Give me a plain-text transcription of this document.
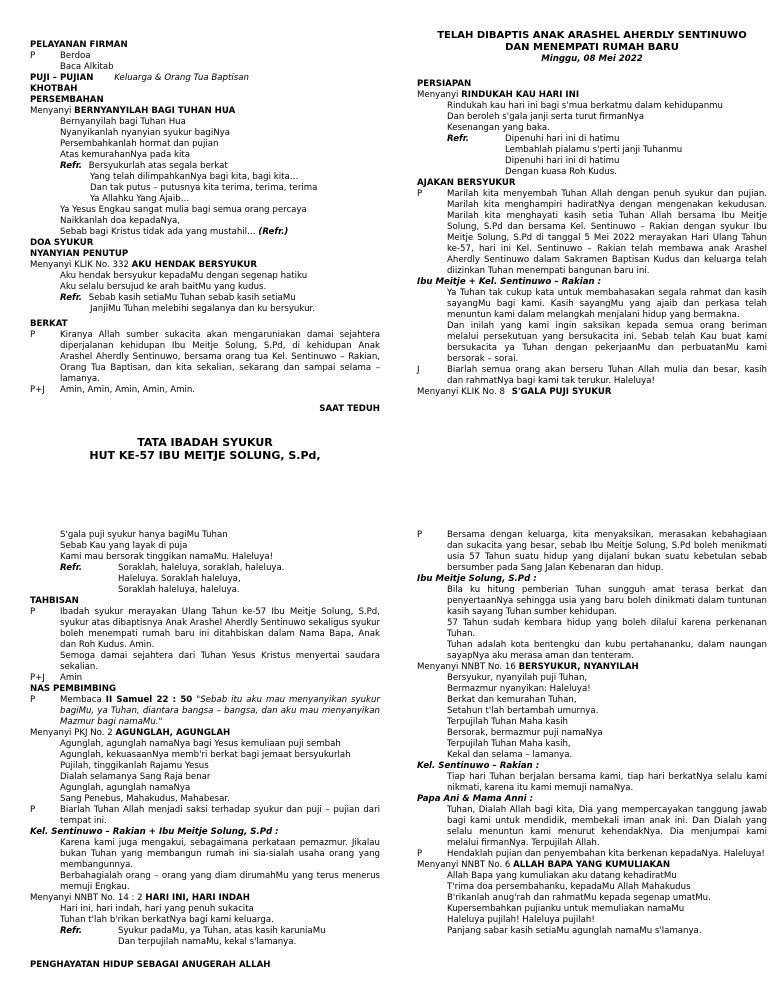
PELAYANAN FIRMAN
P	Berdoa
Baca Alkitab
PUJI – PUJIAN Keluarga & Orang Tua Baptisan
KHOTBAH
PERSEMBAHAN
Menyanyi BERNYANYILAH BAGI TUHAN HUA
Bernyanyilah bagi Tuhan Hua
Nyanyikanlah nyanyian syukur bagiNya
Persembahkanlah hormat dan pujian
Atas kemurahanNya pada kita
Refr. Bersyukurlah atas segala berkat
Yang telah dilimpahkanNya bagi kita, bagi kita…
Dan tak putus – putusnya kita terima, terima, terima
Ya Allahku Yang Ajaib…
Ya Yesus Engkau sangat mulia bagi semua orang percaya
Naikkanlah doa kepadaNya,
Sebab bagi Kristus tidak ada yang mustahil… (Refr.)
DOA SYUKUR
NYANYIAN PENUTUP
Menyanyi KLIK No. 332 AKU HENDAK BERSYUKUR
Aku hendak bersyukur kepadaMu dengan segenap hatiku
Aku selalu bersujud ke arah baitMu yang kudus.
Refr. Sebab kasih setiaMu Tuhan sebab kasih setiaMu
JanjiMu Tuhan melebihi segalanya dan ku bersyukur.
BERKAT
P	Kiranya Allah sumber sukacita akan mengaruniakan damai sejahtera diperjalanan kehidupan Ibu Meitje Solung, S.Pd, di kehidupan Anak Arashel Aherdly Sentinuwo, bersama orang tua Kel. Sentinuwo – Rakian, Orang Tua Baptisan, dan kita sekalian, sekarang dan sampai selama – lamanya.
P+J	Amin, Amin, Amin, Amin, Amin.
SAAT TEDUH
TATA IBADAH SYUKUR
HUT KE-57 IBU MEITJE SOLUNG, S.Pd,
TELAH DIBAPTIS ANAK ARASHEL AHERDLY SENTINUWO
DAN MENEMPATI RUMAH BARU
Minggu, 08 Mei 2022
PERSIAPAN
Menyanyi RINDUKAH KAU HARI INI
Rindukah kau hari ini bagi s'mua berkatmu dalam kehidupanmu
Dan beroleh s'gala janji serta turut firmanNya
Kesenangan yang baka.
Refr.	Dipenuhi hari ini di hatimu
Lembahlah pialamu s'perti janji Tuhanmu
Dipenuhi hari ini di hatimu
Dengan kuasa Roh Kudus.
AJAKAN BERSYUKUR
P	Marilah kita menyembah Tuhan Allah dengan penuh syukur dan pujian. Marilah kita menghampiri hadiratNya dengan mengenakan kekudusan. Marilah kita menghayati kasih setia Tuhan Allah bersama Ibu Meitje Solung, S.Pd dan bersama Kel. Sentinuwo – Rakian dengan syukur Ibu Meitje Solung, S.Pd di tanggal 5 Mei 2022 merayakan Hari Ulang Tahun ke-57, hari ini Kel. Sentinuwo – Rakian telah membawa anak Arashel Aherdly Sentinuwo dalam Sakramen Baptisan Kudus dan keluarga telah diizinkan Tuhan menempati bangunan baru ini.
Ibu Meitje + Kel. Sentinuwo – Rakian :
Ya Tuhan tak cukup kata untuk membahasakan segala rahmat dan kasih sayangMu bagi kami. Kasih sayangMu yang ajaib dan perkasa telah menuntun kami dalam melangkah menjalani hidup yang bermakna.
Dan inilah yang kami ingin saksikan kepada semua orang beriman melalui persekutuan yang bersukacita ini. Sebab telah Kau buat kami bersukacita ya Tuhan dengan pekerjaanMu dan perbuatanMu kami bersorak – sorai.
J	Biarlah semua orang akan berseru Tuhan Allah mulia dan besar, kasih dan rahmatNya bagi kami tak terukur. Haleluya!
Menyanyi KLIK No. 8 S'GALA PUJI SYUKUR
S'gala puji syukur hanya bagiMu Tuhan
Sebab Kau yang layak di puja
Kami mau bersorak tinggikan namaMu. Haleluya!
Refr.	Soraklah, haleluya, soraklah, haleluya.
Haleluya. Soraklah haleluya,
Soraklah haleluya, haleluya.
TAHBISAN
P	Ibadah syukur merayakan Ulang Tahun ke-57 Ibu Meitje Solung, S.Pd, syukur atas dibaptisnya Anak Arashel Aherdly Sentinuwo sekaligus syukur boleh menempati rumah baru ini ditahbiskan dalam Nama Bapa, Anak dan Roh Kudus. Amin.
Semoga damai sejahtera dari Tuhan Yesus Kristus menyertai saudara sekalian.
P+J	Amin
NAS PEMBIMBING
P	Membaca II Samuel 22 : 50 "Sebab itu aku mau menyanyikan syukur bagiMu, ya Tuhan, diantara bangsa – bangsa, dan aku mau menyanyikan Mazmur bagi namaMu."
Menyanyi PKJ No. 2 AGUNGLAH, AGUNGLAH
Agunglah, agunglah namaNya bagi Yesus kemuliaan puji sembah
Agunglah, kekuasaanNya memb'ri berkat bagi jemaat bersyukurlah
Pujilah, tinggikanlah Rajamu Yesus
Dialah selamanya Sang Raja benar
Agunglah, agunglah namaNya
Sang Penebus, Mahakudus, Mahabesar.
P	Biarlah Tuhan Allah menjadi saksi terhadap syukur dan puji – pujian dari tempat ini.
Kel. Sentinuwo – Rakian + Ibu Meitje Solung, S.Pd :
Karena kami juga mengakui, sebagaimana perkataan pemazmur. Jikalau bukan Tuhan yang membangun rumah ini sia-sialah usaha orang yang membangunnya.
Berbahagialah orang – orang yang diam dirumahMu yang terus menerus memuji Engkau.
Menyanyi NNBT No. 14 : 2 HARI INI, HARI INDAH
Hari ini, hari indah, hari yang penuh sukacita
Tuhan t'lah b'rikan berkatNya bagi kami keluarga.
Refr.	Syukur padaMu, ya Tuhan, atas kasih karuniaMu
Dan terpujilah namaMu, kekal s'lamanya.
PENGHAYATAN HIDUP SEBAGAI ANUGERAH ALLAH
P	Bersama dengan keluarga, kita menyaksikan, merasakan kebahagiaan dan sukacita yang besar, sebab Ibu Meitje Solung, S.Pd boleh menikmati usia 57 Tahun suatu hidup yang dijalani bukan suatu kebetulan sebab bersumber pada Sang Jalan Kebenaran dan hidup.
Ibu Meitje Solung, S.Pd :
Bila ku hitung pemberian Tuhan sungguh amat terasa berkat dan penyertaanNya sehingga usia yang baru boleh dinikmati dalam tuntunan kasih sayang Tuhan sumber kehidupan.
57 Tahun sudah kembara hidup yang boleh dilalui karena perkenanan Tuhan.
Tuhan adalah kota bentengku dan kubu pertahananku, dalam naungan sayapNya aku merasa aman dan tenteram.
Menyanyi NNBT No. 16 BERSYUKUR, NYANYILAH
Bersyukur, nyanyilah puji Tuhan,
Bermazmur nyanyikan: Haleluya!
Berkat dan kemurahan Tuhan,
Setahun t'lah bertambah umurnya.
Terpujilah Tuhan Maha kasih
Bersorak, bermazmur puji namaNya
Terpujilah Tuhan Maha kasih,
Kekal dan selama – lamanya.
Kel. Sentinuwo – Rakian :
Tiap hari Tuhan berjalan bersama kami, tiap hari berkatNya selalu kami nikmati, karena itu kami memuji namaNya.
Papa Ani & Mama Anni :
Tuhan, Dialah Allah bagi kita, Dia yang mempercayakan tanggung jawab bagi kami untuk mendidik, membekali iman anak ini. Dan Dialah yang selalu menuntun kami menurut kehendakNya. Dia menjumpai kami melalui firmanNya. Terpujilah Allah.
P	Hendaklah pujian dan penyembahan kita berkenan kepadaNya. Haleluya!
Menyanyi NNBT No. 6 ALLAH BAPA YANG KUMULIAKAN
Allah Bapa yang kumuliakan aku datang kehadiratMu
T'rima doa persembahanku, kepadaMu Allah Mahakudus
B'rikanlah anug'rah dan rahmatMu kepada segenap umatMu.
Kupersembahkan pujianku untuk memuliakan namaMu
Haleluya pujilah! Haleluya pujilah!
Panjang sabar kasih setiaMu agunglah namaMu s'lamanya.
